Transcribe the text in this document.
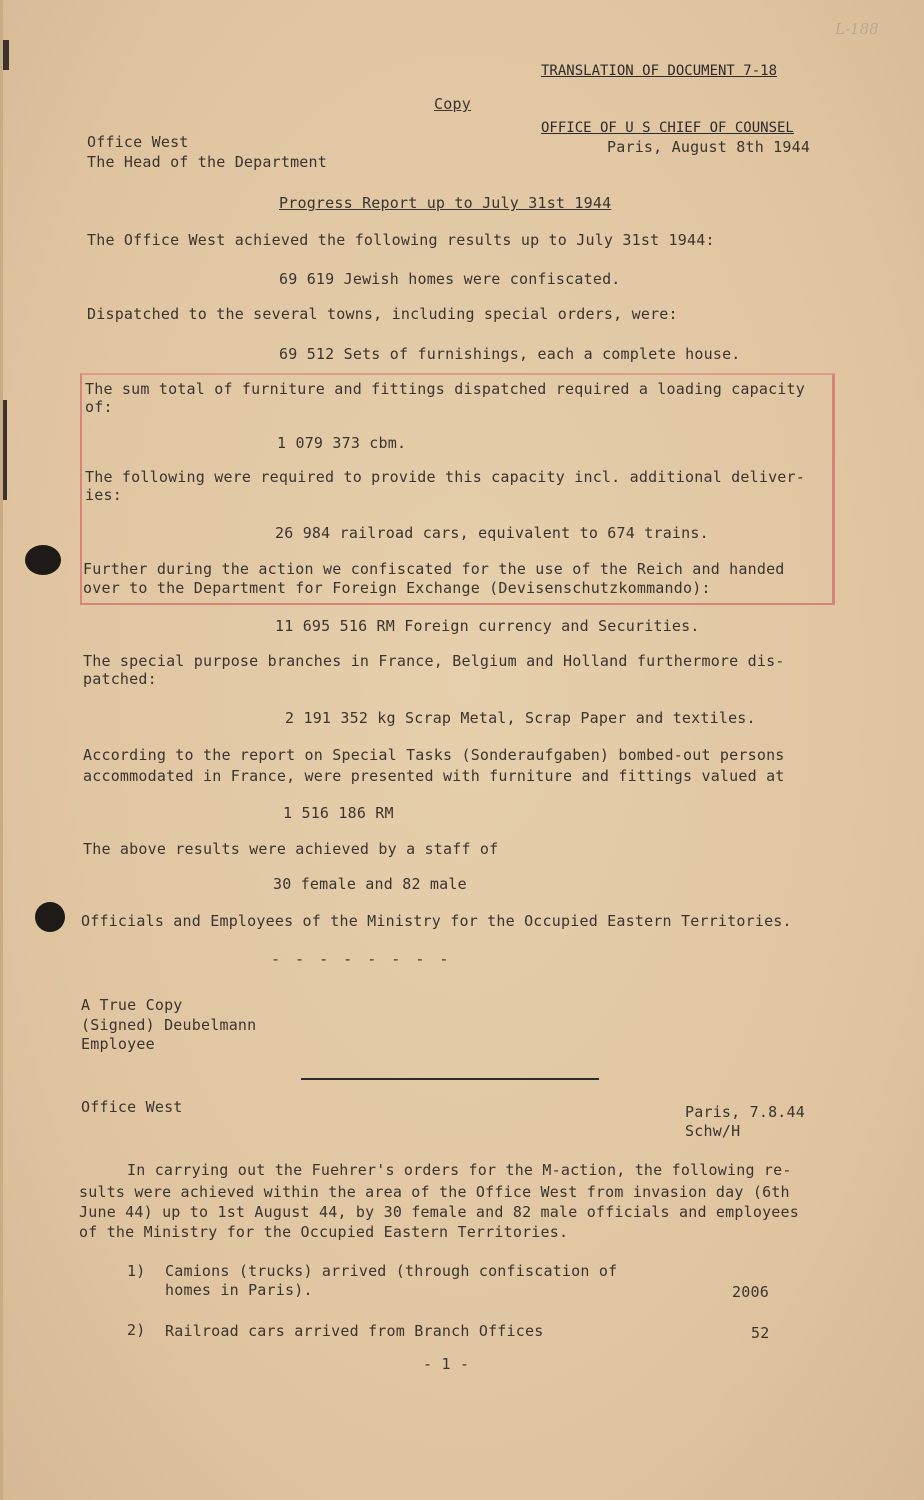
TRANSLATION OF DOCUMENT 7-18

OFFICE OF U S CHIEF OF COUNSEL

L-188
Copy
Office West
The Head of the Department
Paris, August 8th 1944
Progress Report up to July 31st 1944
The Office West achieved the following results up to July 31st 1944:
69 619 Jewish homes were confiscated.
Dispatched to the several towns, including special orders, were:
69 512 Sets of furnishings, each a complete house.
The sum total of furniture and fittings dispatched required a loading capacity
of:
1 079 373 cbm.
The following were required to provide this capacity incl. additional deliver-
ies:
26 984 railroad cars, equivalent to 674 trains.
Further during the action we confiscated for the use of the Reich and handed
over to the Department for Foreign Exchange (Devisenschutzkommando):
11 695 516 RM Foreign currency and Securities.
The special purpose branches in France, Belgium and Holland furthermore dis-
patched:
2 191 352 kg Scrap Metal, Scrap Paper and textiles.
According to the report on Special Tasks (Sonderaufgaben) bombed-out persons
accommodated in France, were presented with furniture and fittings valued at
1 516 186 RM
The above results were achieved by a staff of
30 female and 82 male
Officials and Employees of the Ministry for the Occupied Eastern Territories.
- - - - - - - -
A True Copy
(Signed) Deubelmann
Employee
Office West	Paris, 7.8.44
Schw/H
In carrying out the Fuehrer's orders for the M-action, the following re-
sults were achieved within the area of the Office West from invasion day (6th
June 44) up to 1st August 44, by 30 female and 82 male officials and employees
of the Ministry for the Occupied Eastern Territories.
1) Camions (trucks) arrived (through confiscation of
homes in Paris).	2006
2) Railroad cars arrived from Branch Offices	52
- 1 -
